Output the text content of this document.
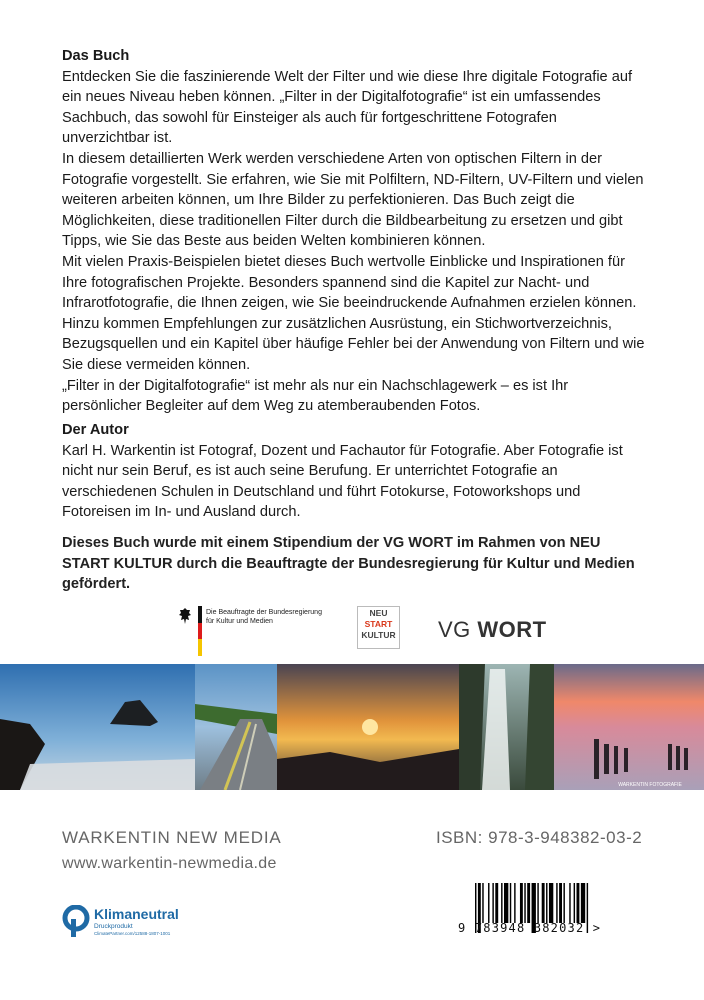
Das Buch

Entdecken Sie die faszinierende Welt der Filter und wie diese Ihre digitale Fotografie auf ein neues Niveau heben können. „Filter in der Digitalfotografie“ ist ein umfassendes Sachbuch, das sowohl für Einsteiger als auch für fortgeschrittene Fotografen unverzichtbar ist.

In diesem detaillierten Werk werden verschiedene Arten von optischen Filtern in der Fotografie vorgestellt. Sie erfahren, wie Sie mit Polfiltern, ND-Filtern, UV-Filtern und vielen weiteren arbeiten können, um Ihre Bilder zu perfektionieren. Das Buch zeigt die Möglichkeiten, diese traditionellen Filter durch die Bildbearbeitung zu ersetzen und gibt Tipps, wie Sie das Beste aus beiden Welten kombinieren können.

Mit vielen Praxis-Beispielen bietet dieses Buch wertvolle Einblicke und Inspirationen für Ihre fotografischen Projekte. Besonders spannend sind die Kapitel zur Nacht- und Infrarotfotografie, die Ihnen zeigen, wie Sie beeindruckende Aufnahmen erzielen können. Hinzu kommen Empfehlungen zur zusätzlichen Ausrüstung, ein Stichwortverzeichnis, Bezugsquellen und ein Kapitel über häufige Fehler bei der Anwendung von Filtern und wie Sie diese vermeiden können.

„Filter in der Digitalfotografie“ ist mehr als nur ein Nachschlagewerk – es ist Ihr persönlicher Begleiter auf dem Weg zu atemberaubenden Fotos.

Der Autor

Karl H. Warkentin ist Fotograf, Dozent und Fachautor für Fotografie. Aber Fotografie ist nicht nur sein Beruf, es ist auch seine Berufung. Er unterrichtet Fotografie an verschiedenen Schulen in Deutschland und führt Fotokurse, Fotoworkshops und Fotoreisen im In- und Ausland durch.

Dieses Buch wurde mit einem Stipendium der VG WORT im Rahmen von NEU START KULTUR durch die Beauftragte der Bundesregierung für Kultur und Medien gefördert.
Die Beauftragte der Bundesregierung
für Kultur und Medien
NEU
START
KULTUR VG WORT
WARKENTIN FOTOGRAFIE
WARKENTIN NEW MEDIA
www.warkentin-newmedia.de
ISBN: 978-3-948382-03-2
Klimaneutral
Druckprodukt
ClimatePartner.com/12588-1807-1001	9 783948 382032 >
